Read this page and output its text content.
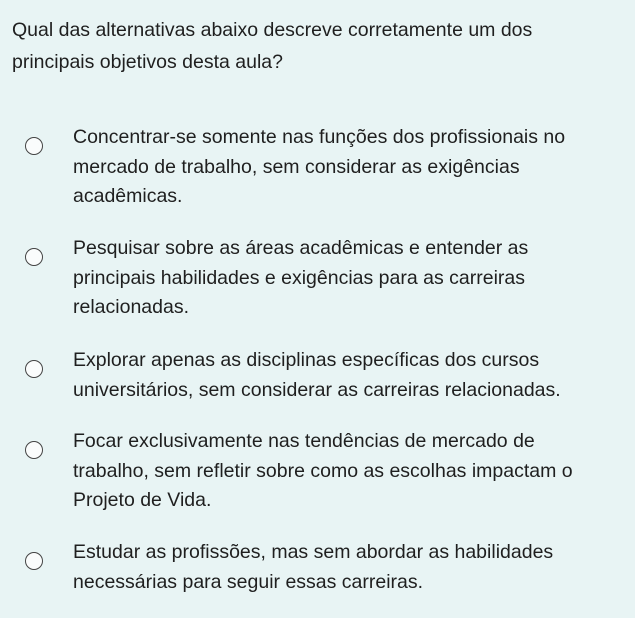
Qual das alternativas abaixo descreve corretamente um dos principais objetivos desta aula?
Concentrar-se somente nas funções dos profissionais no mercado de trabalho, sem considerar as exigências acadêmicas.
Pesquisar sobre as áreas acadêmicas e entender as principais habilidades e exigências para as carreiras relacionadas.
Explorar apenas as disciplinas específicas dos cursos universitários, sem considerar as carreiras relacionadas.
Focar exclusivamente nas tendências de mercado de trabalho, sem refletir sobre como as escolhas impactam o Projeto de Vida.
Estudar as profissões, mas sem abordar as habilidades necessárias para seguir essas carreiras.
